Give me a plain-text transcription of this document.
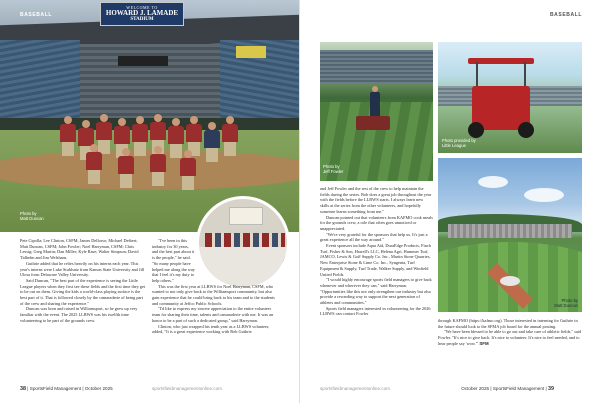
WELCOME TO
HOWARD J. LAMADE
STADIUM
Photo by
Matt Duncan
BASEBALL

Pete Cipolla; Lee Clinton, CSFM; James Dellorso; Michael Deibert; Matt Duncan, CSFM; John Fowler; Noel Harryman, CSFM; Chris Lessig; Greg Martin; Dan Miller; Kyle Rase; Walter Simpson; David Tidhelm and Jim Welshans.

Guthrie added that he relies heavily on his interns each year. This year's interns were Luke Stuhlsatz from Kansas State University and Jill Ulosa from Delaware Valley University.

Said Duncan, "The best part of the experience is seeing the Little League players when they first see these fields and the first time they get to be out on them. Giving the kids a world-class playing surface is the best part of it. That is followed closely by the camaraderie of being part of the crew and sharing the experience."

Duncan was born and raised in Williamsport, so he grew up very familiar with the event. The 2025 LLBWS was his twelfth time volunteering to be part of the grounds crew.

"I've been in this industry for 30 years, and the best part about it is the people," he said. "So many people have helped me along the way that I feel it's my duty to help others."

This was the first year at LLBWS for Noel Harryman, CSFM, who wanted to not only give back to the Williamsport community, but also gain experience that he could bring back to his team and to the students and community at Jeffco Public Schools.

"I'd like to express my sincere appreciation to the entire volunteer team for sharing their time, talents and camaraderie with me. It was an honor to be a part of such a dedicated group," said Harryman.

Clinton, who just wrapped his tenth year as a LLBWS volunteer, added, "It is a great experience working with Rob Guthrie

38 | SportsField Management | October 2025	sportsfieldmanagementonline.com
BASEBALL
Photo by
Jeff Fowler
Photo provided by
Little League
Photo by
Matt Duncan

and Jeff Fowler and the rest of the crew to help maintain the fields during the series. Rob does a great job throughout the year with the fields before the LLBWS starts. I always learn new skills at the series from the other volunteers, and hopefully someone learns something from me."

Duncan pointed out that volunteers from KAFMO cook meals for the grounds crew, a role that often goes unnoticed or unappreciated.

"We're very grateful for the sponsors that help us. It's just a great experience all the way around."

Event sponsors include Aqua Aid, DuraEdge Products, Finch Turf, Fisher & Son, Harrell's LLC, Helena Agri, Hummer Turf, JAMCO, Lewis & Goff Supply Co. Inc., Martin Stone Quarries, New Enterprise Stone & Lime Co. Inc., Syngenta, Turf Equipment & Supply, Turf Trade, Walker Supply, and Winfield United Fields.

"I would highly encourage sports field managers to give back whenever and wherever they can," said Harryman. "Opportunities like this not only strengthen our industry but also provide a rewarding way to support the next generation of athletes and communities."

Sports field managers interested in volunteering for the 2026 LLBWS can contact Fowler

through KAFMO (https://kafmo.org). Those interested in interning for Guthrie in the future should look to the SFMA job board for the annual posting.

"We have been blessed to be able to go out and take care of athletic fields," said Fowler. "It's nice to give back. It's nice to volunteer. It's nice to feel needed, and to hear people say 'wow.'" SFM

sportsfieldmanagementonline.com	October 2025 | SportsField Management | 39
